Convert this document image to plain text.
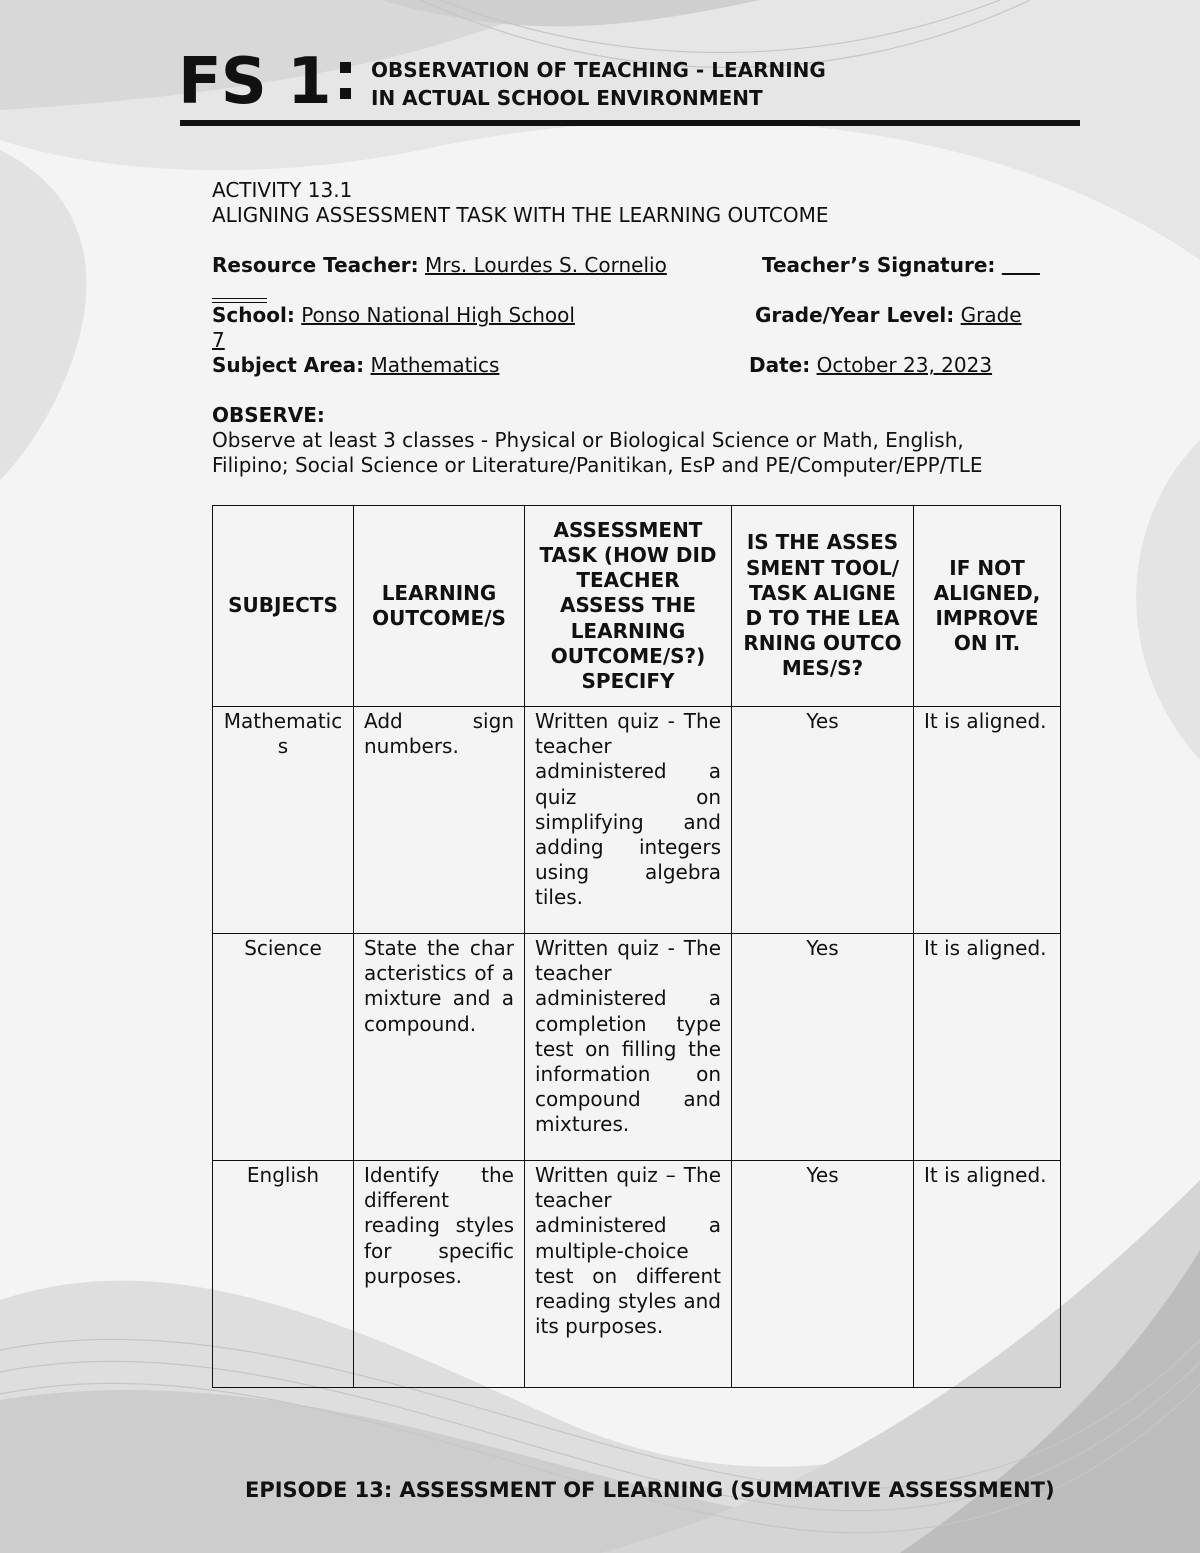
FS 1 OBSERVATION OF TEACHING - LEARNING
IN ACTUAL SCHOOL ENVIRONMENT
ACTIVITY 13.1
ALIGNING ASSESSMENT TASK WITH THE LEARNING OUTCOME
Resource Teacher: Mrs. Lourdes S. Cornelio	Teacher’s Signature:
School: Ponso National High School	Grade/Year Level: Grade
7
Subject Area: Mathematics	Date: October 23, 2023
OBSERVE:
Observe at least 3 classes - Physical or Biological Science or Math, English,
Filipino; Social Science or Literature/Panitikan, EsP and PE/Computer/EPP/TLE
SUBJECTS	LEARNING OUTCOME/S	ASSESSMENT TASK (HOW DID TEACHER ASSESS THE LEARNING OUTCOME/S?) SPECIFY	IS THE ASSESSMENT TOOL/TASK ALIGNED TO THE LEARNING OUTCOMES/S?	IF NOT ALIGNED, IMPROVE ON IT.
Mathematics	Add sign numbers.	Written quiz - The teacher administered a quiz on simplifying and adding integers using algebra tiles.	Yes	It is aligned.
Science	State the characteristics of a mixture and a compound.	Written quiz - The teacher administered a completion type test on filling the information on compound and mixtures.	Yes	It is aligned.
English	Identify the different reading styles for specific purposes.	Written quiz – The teacher administered a multiple-choice test on different reading styles and its purposes.	Yes	It is aligned.
EPISODE 13: ASSESSMENT OF LEARNING (SUMMATIVE ASSESSMENT)
